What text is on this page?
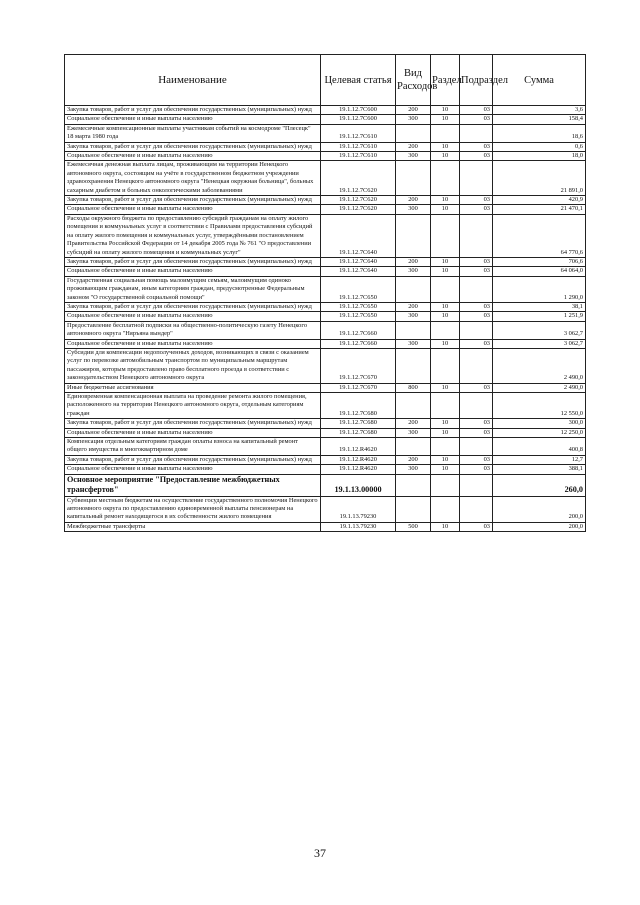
Наименование	Целевая статья	Вид Расходов	Раздел	Подраздел	Сумма
Закупка товаров, работ и услуг для обеспечения государственных (муниципальных) нужд	19.1.12.7С600	200	10	03	3,6
Социальное обеспечение и иные выплаты населению	19.1.12.7С600	300	10	03	158,4
Ежемесячные компенсационные выплаты участникам событий на космодроме "Плесецк" 18 марта 1980 года	19.1.12.7С610				18,6
Закупка товаров, работ и услуг для обеспечения государственных (муниципальных) нужд	19.1.12.7С610	200	10	03	0,6
Социальное обеспечение и иные выплаты населению	19.1.12.7С610	300	10	03	18,0
Ежемесячная денежная выплата лицам, проживающим на территории Ненецкого автономного округа, состоящим на учёте в государственном бюджетном учреждении здравоохранения Ненецкого автономного округа "Ненецкая окружная больница", больных сахарным диабетом и больных онкологическими заболеваниями	19.1.12.7С620				21 891,0
Закупка товаров, работ и услуг для обеспечения государственных (муниципальных) нужд	19.1.12.7С620	200	10	03	420,9
Социальное обеспечение и иные выплаты населению	19.1.12.7С620	300	10	03	21 470,1
Расходы окружного бюджета по предоставлению субсидий гражданам на оплату жилого помещения и коммунальных услуг в соответствии с Правилами предоставления субсидий на оплату жилого помещения и коммунальных услуг, утверждёнными постановлением Правительства Российской Федерации от 14 декабря 2005 года № 761 "О предоставлении субсидий на оплату жилого помещения и коммунальных услуг"	19.1.12.7С640				64 770,6
Закупка товаров, работ и услуг для обеспечения государственных (муниципальных) нужд	19.1.12.7С640	200	10	03	706,6
Социальное обеспечение и иные выплаты населению	19.1.12.7С640	300	10	03	64 064,0
Государственная социальная помощь малоимущим семьям, малоимущим одиноко проживающим гражданам, иным категориям граждан, предусмотренные Федеральным законом "О государственной социальной помощи"	19.1.12.7С650				1 290,0
Закупка товаров, работ и услуг для обеспечения государственных (муниципальных) нужд	19.1.12.7С650	200	10	03	38,1
Социальное обеспечение и иные выплаты населению	19.1.12.7С650	300	10	03	1 251,9
Предоставление бесплатной подписки на общественно-политическую газету Ненецкого автономного округа "Няръяна вындер"	19.1.12.7С660				3 062,7
Социальное обеспечение и иные выплаты населению	19.1.12.7С660	300	10	03	3 062,7
Субсидии для компенсации недополученных доходов, возникающих в связи с оказанием услуг по перевозке автомобильным транспортом по муниципальным маршрутам пассажиров, которым предоставлено право бесплатного проезда в соответствии с законодательством Ненецкого автономного округа	19.1.12.7С670				2 490,0
Иные бюджетные ассигнования	19.1.12.7С670	800	10	03	2 490,0
Единовременная компенсационная выплата на проведение ремонта жилого помещения, расположенного на территории Ненецкого автономного округа, отдельным категориям граждан	19.1.12.7С680				12 550,0
Закупка товаров, работ и услуг для обеспечения государственных (муниципальных) нужд	19.1.12.7С680	200	10	03	300,0
Социальное обеспечение и иные выплаты населению	19.1.12.7С680	300	10	03	12 250,0
Компенсация отдельным категориям граждан оплаты взноса на капитальный ремонт общего имущества в многоквартирном доме	19.1.12.R4620				400,8
Закупка товаров, работ и услуг для обеспечения государственных (муниципальных) нужд	19.1.12.R4620	200	10	03	12,7
Социальное обеспечение и иные выплаты населению	19.1.12.R4620	300	10	03	388,1
Основное мероприятие "Предоставление межбюджетных трансфертов"	19.1.13.00000				260,0
Субвенции местным бюджетам на осуществление государственного полномочия Ненецкого автономного округа по предоставлению единовременной выплаты пенсионерам на капитальный ремонт находящегося в их собственности жилого помещения	19.1.13.79230				200,0
Межбюджетные трансферты	19.1.13.79230	500	10	03	200,0
37
